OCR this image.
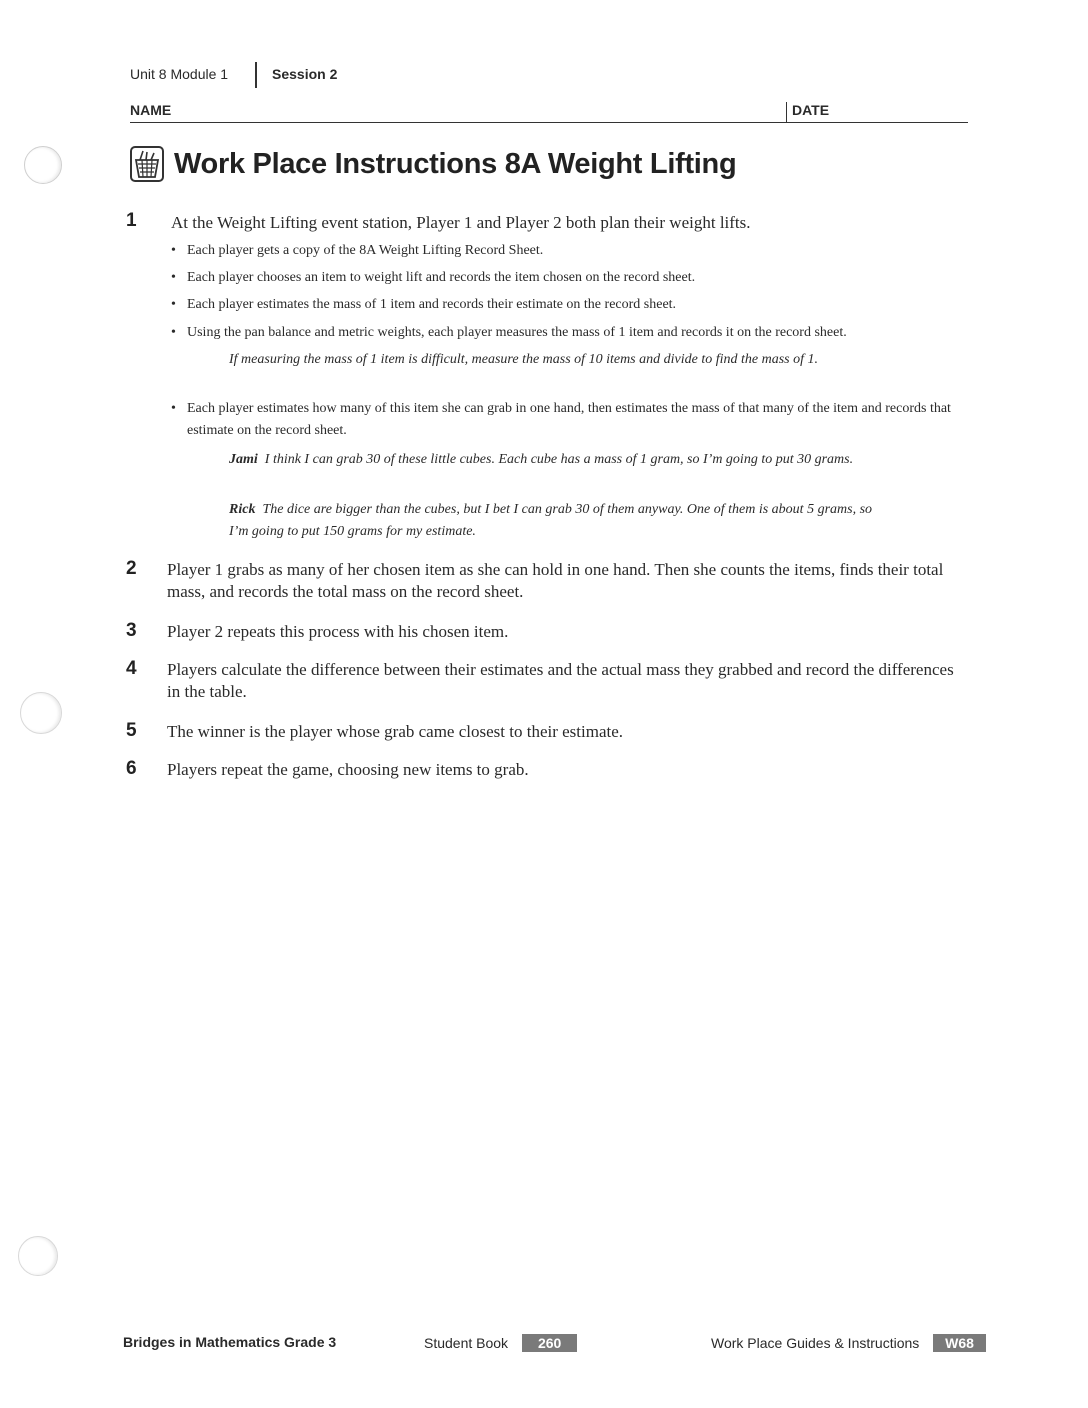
Unit 8 Module 1	Session 2
NAME	DATE
Work Place Instructions 8A Weight Lifting
1 At the Weight Lifting event station, Player 1 and Player 2 both plan their weight lifts.
• Each player gets a copy of the 8A Weight Lifting Record Sheet.
• Each player chooses an item to weight lift and records the item chosen on the record sheet.
• Each player estimates the mass of 1 item and records their estimate on the record sheet.
• Using the pan balance and metric weights, each player measures the mass of 1 item and records it on the record sheet.
• Each player estimates how many of this item she can grab in one hand, then estimates the mass of that many of the item and records that estimate on the record sheet.
If measuring the mass of 1 item is difficult, measure the mass of 10 items and divide to find the mass of 1.
Jami I think I can grab 30 of these little cubes. Each cube has a mass of 1 gram, so I’m going to put 30 grams.
Rick The dice are bigger than the cubes, but I bet I can grab 30 of them anyway. One of them is about 5 grams, so I’m going to put 150 grams for my estimate.
2 Player 1 grabs as many of her chosen item as she can hold in one hand. Then she counts the items, finds their total mass, and records the total mass on the record sheet.
3 Player 2 repeats this process with his chosen item.
4 Players calculate the difference between their estimates and the actual mass they grabbed and record the differences in the table.
5 The winner is the player whose grab came closest to their estimate.
6 Players repeat the game, choosing new items to grab.
Bridges in Mathematics Grade 3	Student Book 260	Work Place Guides & Instructions W68
